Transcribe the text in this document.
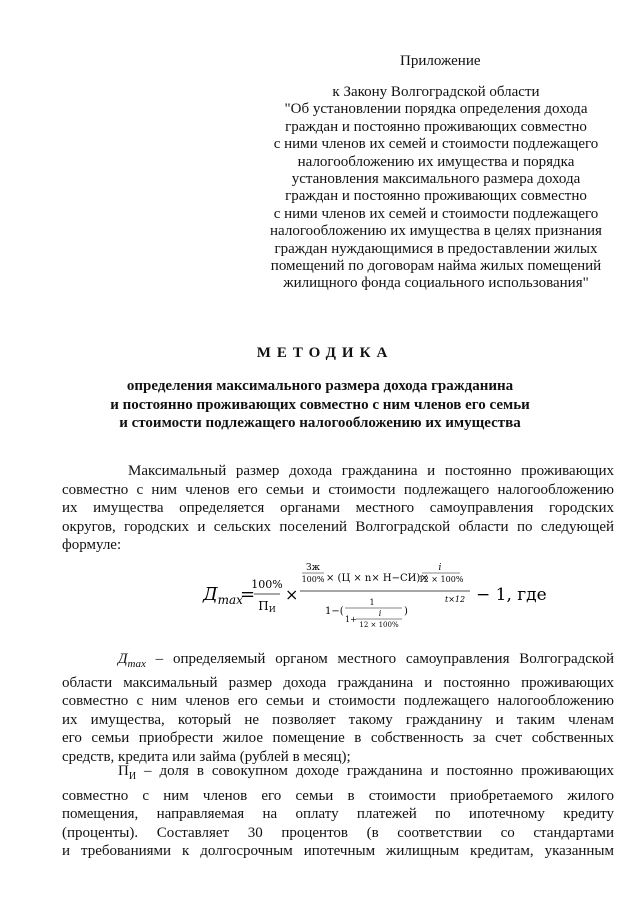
Приложение
к Закону Волгоградской области
"Об установлении порядка определения дохода
граждан и постоянно проживающих совместно
с ними членов их семей и стоимости подлежащего
налогообложению их имущества и порядка
установления максимального размера дохода
граждан и постоянно проживающих совместно
с ними членов их семей и стоимости подлежащего
налогообложению их имущества в целях признания
граждан нуждающимися в предоставлении жилых
помещений по договорам найма жилых помещений
жилищного фонда социального использования"
МЕТОДИКА
определения максимального размера дохода гражданина
и постоянно проживающих совместно с ним членов его семьи
и стоимости подлежащего налогообложению их имущества
Максимальный размер дохода гражданина и постоянно проживающих
совместно с ним членов его семьи и стоимости подлежащего налогообложению
их имущества определяется органами местного самоуправления городских
округов, городских и сельских поселений Волгоградской области по следующей
формуле:
$Д_{max}$
=
100%
ПИ
×
Зж
100% × (Ц × n× Н−СИ)×
i
12 × 100%
t×12
1−(
1
1+
i
12 × 100%
)
− 1, где
$Д_{max}$ – определяемый органом местного самоуправления Волгоградской
области максимальный размер дохода гражданина и постоянно проживающих
совместно с ним членов его семьи и стоимости подлежащего налогообложению
их имущества, который не позволяет такому гражданину и таким членам
его семьи приобрести жилое помещение в собственность за счет собственных
средств, кредита или займа (рублей в месяц);
$П_И$ – доля в совокупном доходе гражданина и постоянно проживающих
совместно с ним членов его семьи в стоимости приобретаемого жилого
помещения, направляемая на оплату платежей по ипотечному кредиту
(проценты). Составляет 30 процентов (в соответствии со стандартами
и требованиями к долгосрочным ипотечным жилищным кредитам, указанным
